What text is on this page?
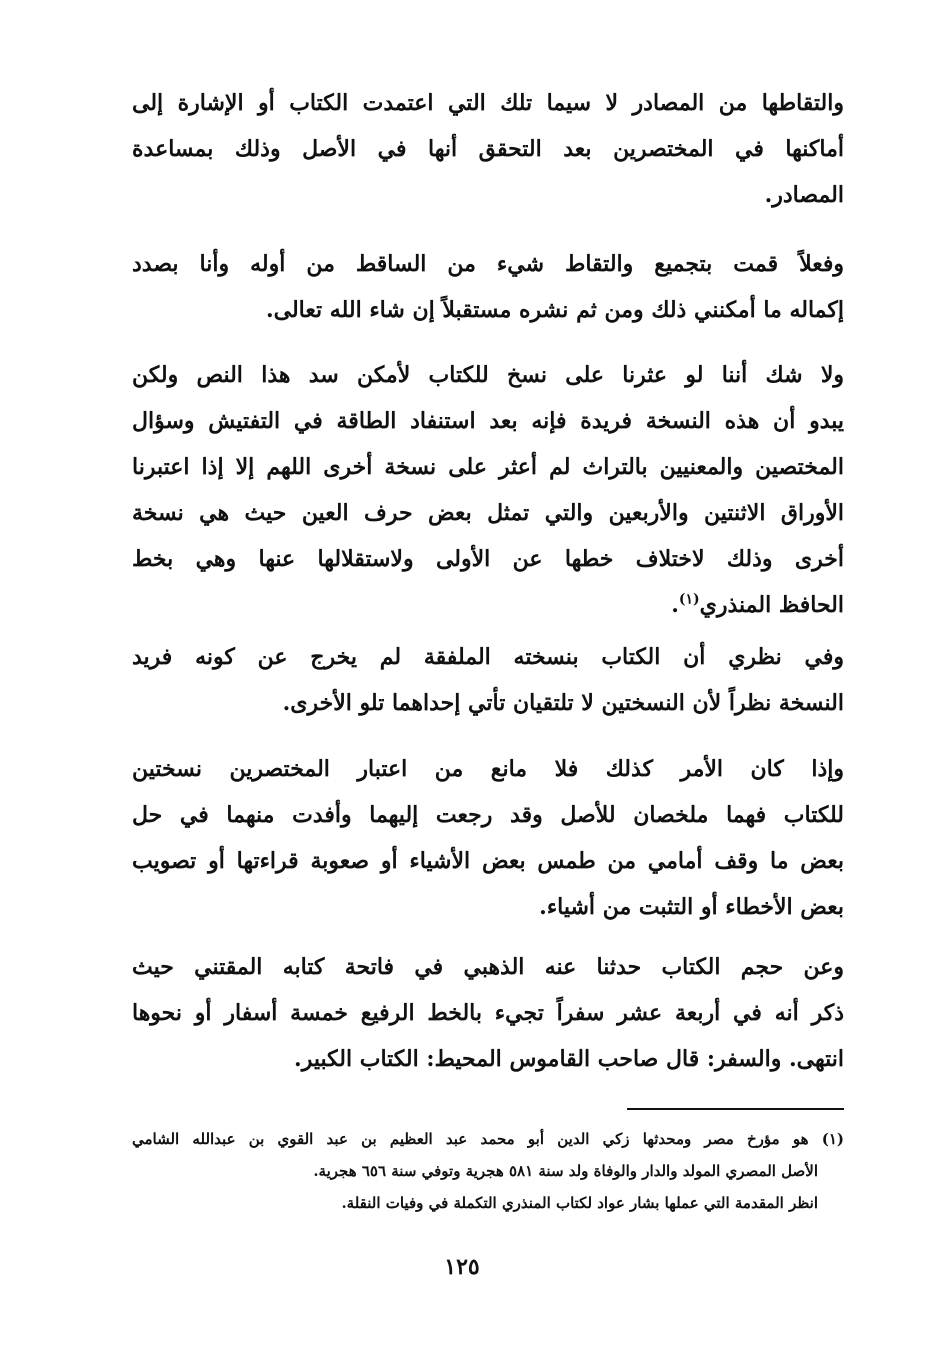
والتقاطها من المصادر لا سيما تلك التي اعتمدت الكتاب أو الإشارة إلى
أماكنها في المختصرين بعد التحقق أنها في الأصل وذلك بمساعدة
المصادر.
وفعلاً قمت بتجميع والتقاط شيء من الساقط من أوله وأنا بصدد
إكماله ما أمكنني ذلك ومن ثم نشره مستقبلاً إن شاء الله تعالى.
ولا شك أننا لو عثرنا على نسخ للكتاب لأمكن سد هذا النص ولكن
يبدو أن هذه النسخة فريدة فإنه بعد استنفاد الطاقة في التفتيش وسؤال
المختصين والمعنيين بالتراث لم أعثر على نسخة أخرى اللهم إلا إذا اعتبرنا
الأوراق الاثنتين والأربعين والتي تمثل بعض حرف العين حيث هي نسخة
أخرى وذلك لاختلاف خطها عن الأولى ولاستقلالها عنها وهي بخط
الحافظ المنذري$^{(١)}$.
وفي نظري أن الكتاب بنسخته الملفقة لم يخرج عن كونه فريد
النسخة نظراً لأن النسختين لا تلتقيان تأتي إحداهما تلو الأخرى.
وإذا كان الأمر كذلك فلا مانع من اعتبار المختصرين نسختين
للكتاب فهما ملخصان للأصل وقد رجعت إليهما وأفدت منهما في حل
بعض ما وقف أمامي من طمس بعض الأشياء أو صعوبة قراءتها أو تصويب
بعض الأخطاء أو التثبت من أشياء.
وعن حجم الكتاب حدثنا عنه الذهبي في فاتحة كتابه المقتني حيث
ذكر أنه في أربعة عشر سفراً تجيء بالخط الرفيع خمسة أسفار أو نحوها
انتهى. والسفر: قال صاحب القاموس المحيط: الكتاب الكبير.
(١) هو مؤرخ مصر ومحدثها زكي الدين أبو محمد عبد العظيم بن عبد القوي بن عبدالله الشامي
الأصل المصري المولد والدار والوفاة ولد سنة ٥٨١ هجرية وتوفي سنة ٦٥٦ هجرية.
انظر المقدمة التي عملها بشار عواد لكتاب المنذري التكملة في وفيات النقلة.
١٢٥
